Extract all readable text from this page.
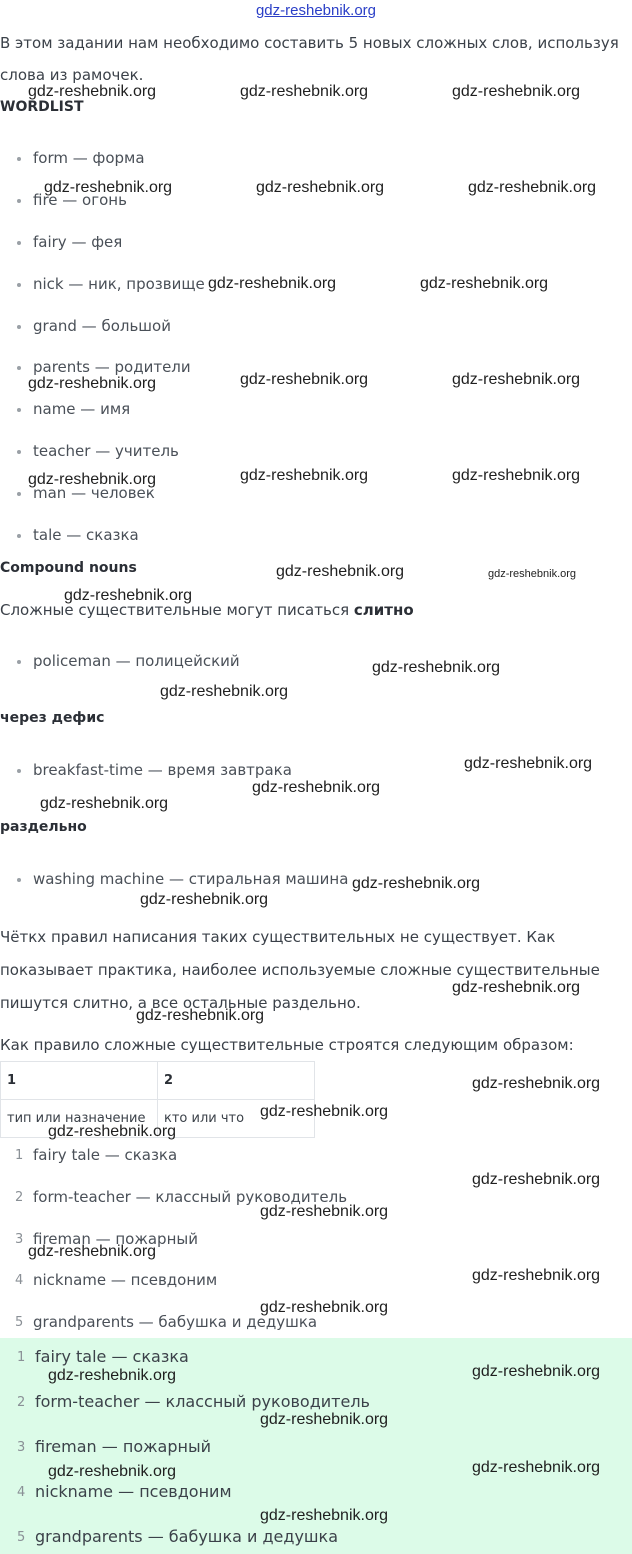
gdz-reshebnik.org
В этом задании нам необходимо составить 5 новых сложных слов, используя
слова из рамочек.
WORDLIST
form — форма
fire — огонь
fairy — фея
nick — ник, прозвище
grand — большой
parents — родители
name — имя
teacher — учитель
man — человек
tale — сказка
Compound nouns
Сложные существительные могут писаться слитно
policeman — полицейский
через дефис
breakfast-time — время завтрака
раздельно
washing machine — стиральная машина
Чёткх правил написания таких существительных не существует. Как
показывает практика, наиболее используемые сложные существительные
пишутся слитно, а все остальные раздельно.
Как правило сложные существительные строятся следующим образом:
1	2
тип или назначение	кто или что
1 fairy tale — сказка
2 form-teacher — классный руководитель
3 fireman — пожарный
4 nickname — псевдоним
5 grandparents — бабушка и дедушка
1 fairy tale — сказка
2 form-teacher — классный руководитель
3 fireman — пожарный
4 nickname — псевдоним
5 grandparents — бабушка и дедушка
gdz-reshebnik.org	gdz-reshebnik.org	gdz-reshebnik.org
gdz-reshebnik.org	gdz-reshebnik.org	gdz-reshebnik.org
gdz-reshebnik.org	gdz-reshebnik.org
gdz-reshebnik.org	gdz-reshebnik.org	gdz-reshebnik.org
gdz-reshebnik.org	gdz-reshebnik.org	gdz-reshebnik.org
gdz-reshebnik.org	gdz-reshebnik.org
gdz-reshebnik.org
gdz-reshebnik.org
gdz-reshebnik.org
gdz-reshebnik.org
gdz-reshebnik.org
gdz-reshebnik.org
gdz-reshebnik.org
gdz-reshebnik.org
gdz-reshebnik.org
gdz-reshebnik.org
gdz-reshebnik.org
gdz-reshebnik.org
gdz-reshebnik.org
gdz-reshebnik.org
gdz-reshebnik.org
gdz-reshebnik.org
gdz-reshebnik.org
gdz-reshebnik.org
gdz-reshebnik.org
gdz-reshebnik.org
gdz-reshebnik.org
gdz-reshebnik.org
gdz-reshebnik.org
gdz-reshebnik.org
